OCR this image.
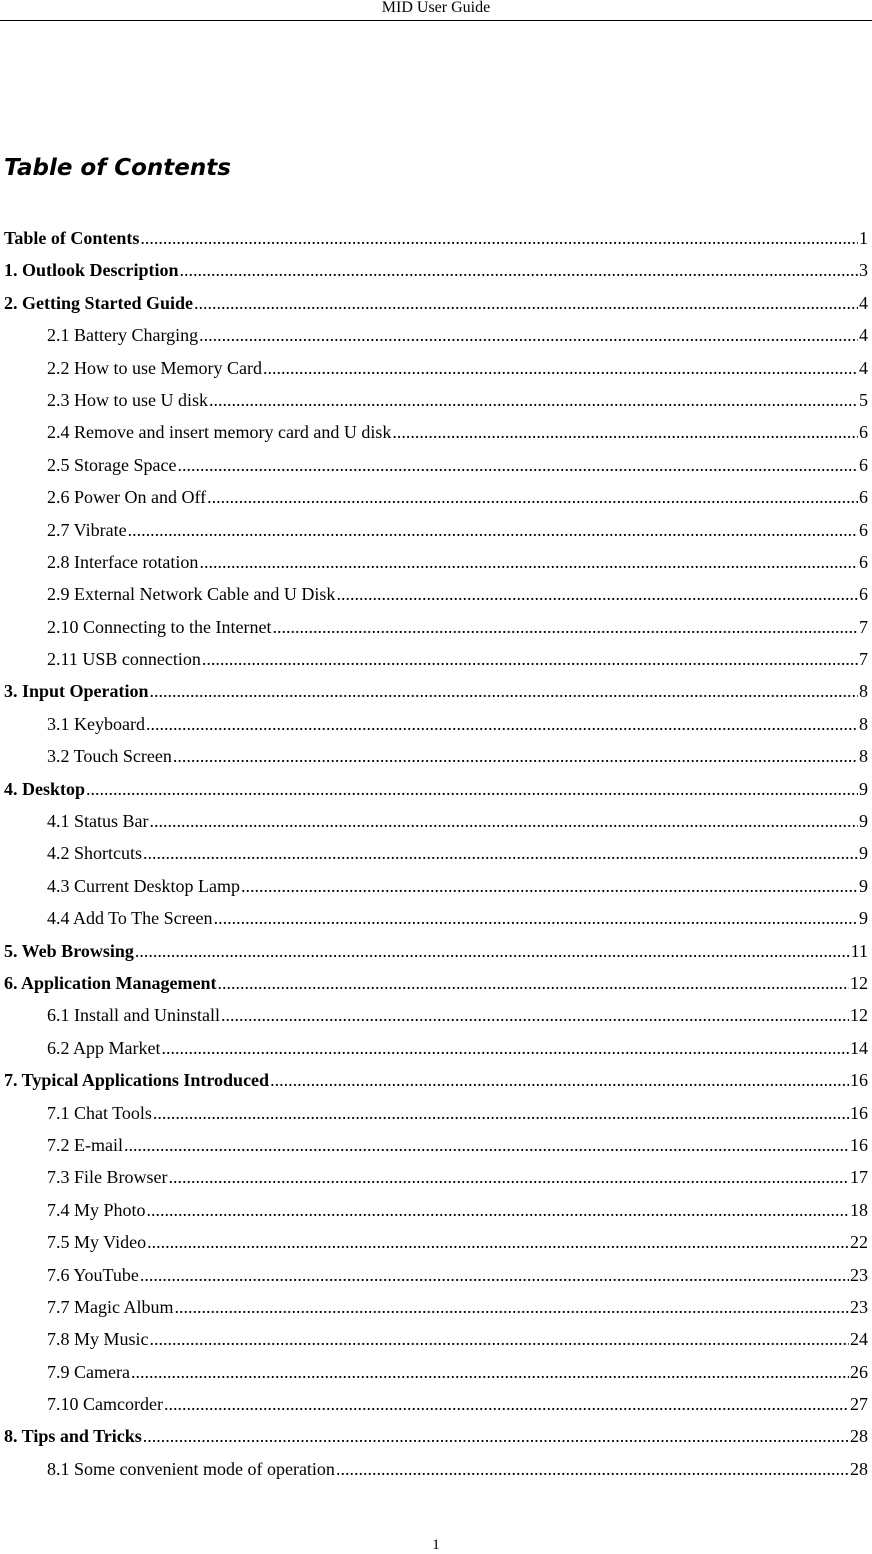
MID User Guide
Table of Contents
Table of Contents .....	1
1. Outlook Description .....	3
2. Getting Started Guide .....	4
2.1 Battery Charging .....	4
2.2 How to use Memory Card .....	4
2.3 How to use U disk .....	5
2.4 Remove and insert memory card and U disk .....	6
2.5 Storage Space .....	6
2.6 Power On and Off .....	6
2.7 Vibrate .....	6
2.8 Interface rotation .....	6
2.9 External Network Cable and U Disk .....	6
2.10 Connecting to the Internet .....	7
2.11 USB connection .....	7
3. Input Operation .....	8
3.1 Keyboard .....	8
3.2 Touch Screen .....	8
4. Desktop .....	9
4.1 Status Bar .....	9
4.2 Shortcuts .....	9
4.3 Current Desktop Lamp .....	9
4.4 Add To The Screen .....	9
5. Web Browsing .....	11
6. Application Management .....	12
6.1 Install and Uninstall .....	12
6.2 App Market .....	14
7. Typical Applications Introduced .....	16
7.1 Chat Tools .....	16
7.2 E-mail .....	16
7.3 File Browser .....	17
7.4 My Photo .....	18
7.5 My Video .....	22
7.6 YouTube .....	23
7.7 Magic Album .....	23
7.8 My Music .....	24
7.9 Camera .....	26
7.10 Camcorder .....	27
8. Tips and Tricks .....	28
8.1 Some convenient mode of operation .....	28
1
